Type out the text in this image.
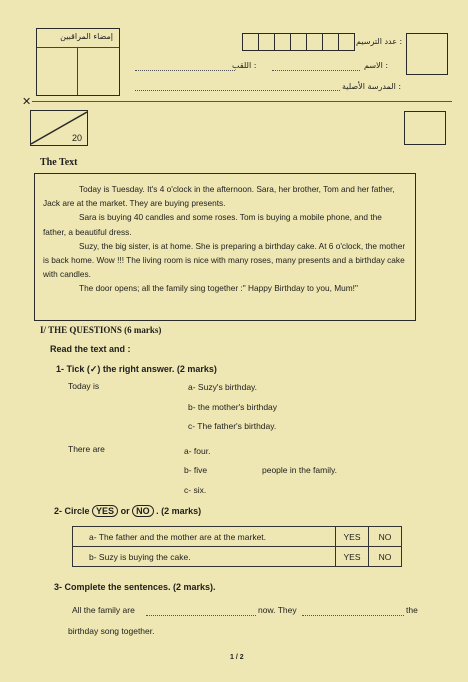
إمضاء المراقبين
: عدد الترسيم
: اللقب	: الاسم
: المدرسة الأصلية
✕
20
The Text

Today is Tuesday. It's 4 o'clock in the afternoon. Sara, her brother, Tom and her father, Jack are at the market. They are buying presents.

Sara is buying 40 candles and some roses. Tom is buying a mobile phone, and the father, a beautiful dress.

Suzy, the big sister, is at home. She is preparing a birthday cake. At 6 o'clock, the mother is back home. Wow !!! The living room is nice with many roses, many presents and a birthday cake with candles.

The door opens; all the family sing together :" Happy Birthday to you, Mum!"

I/ THE QUESTIONS (6 marks)
Read the text and :
1- Tick (✓) the right answer. (2 marks)
Today is	a- Suzy's birthday.
b- the mother's birthday
c- The father's birthday.
There are	a- four.
b- five
c- six.
people in the family.
2- Circle YES or NO . (2 marks)
a- The father and the mother are at the market.	YES	NO
b- Suzy is buying the cake.	YES	NO
3- Complete the sentences. (2 marks).
All the family are	now. They	the
birthday song together.
1 / 2
